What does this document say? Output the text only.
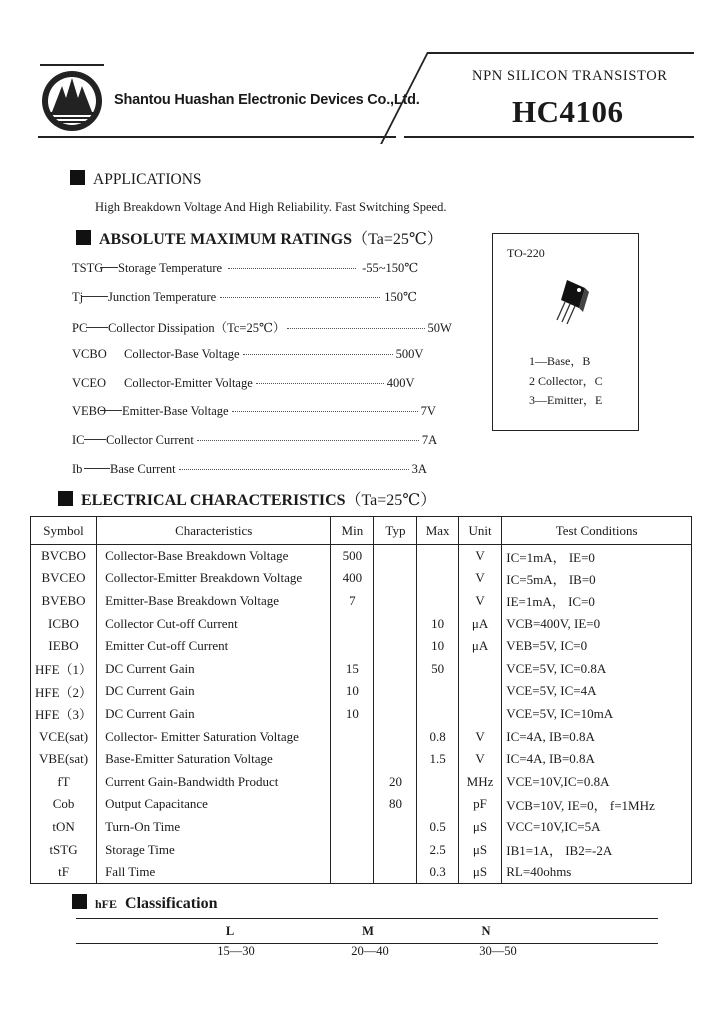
Shantou Huashan Electronic Devices Co.,Ltd.
NPN SILICON TRANSISTOR
HC4106
APPLICATIONS
High Breakdown Voltage And High Reliability. Fast Switching Speed.
ABSOLUTE MAXIMUM RATINGS（Ta=25℃）
TSTG Storage Temperature	-55~150℃
Tj Junction Temperature	150℃
PC Collector Dissipation（Tc=25℃）	50W
VCBO Collector-Base Voltage	500V
VCEO Collector-Emitter Voltage	400V
VEBO Emitter-Base Voltage	7V
IC Collector Current	7A
Ib Base Current	3A
TO-220
1—Base，B
2 Collector，C
3—Emitter，E
ELECTRICAL CHARACTERISTICS（Ta=25℃）
Symbol	Characteristics	Min	Typ	Max	Unit	Test Conditions
BVCBO	Collector-Base Breakdown Voltage	500			V	IC=1mA， IE=0
BVCEO	Collector-Emitter Breakdown Voltage	400			V	IC=5mA， IB=0
BVEBO	Emitter-Base Breakdown Voltage	7			V	IE=1mA， IC=0
ICBO	Collector Cut-off Current			10	μA	VCB=400V, IE=0
IEBO	Emitter Cut-off Current			10	μA	VEB=5V, IC=0
HFE（1）	DC Current Gain	15		50		VCE=5V, IC=0.8A
HFE（2）	DC Current Gain	10				VCE=5V, IC=4A
HFE（3）	DC Current Gain	10				VCE=5V, IC=10mA
VCE(sat)	Collector- Emitter Saturation Voltage			0.8	V	IC=4A, IB=0.8A
VBE(sat)	Base-Emitter Saturation Voltage			1.5	V	IC=4A, IB=0.8A
fT	Current Gain-Bandwidth Product		20		MHz	VCE=10V,IC=0.8A
Cob	Output Capacitance		80		pF	VCB=10V, IE=0， f=1MHz
tON	Turn-On Time			0.5	μS	VCC=10V,IC=5A
tSTG	Storage Time			2.5	μS	IB1=1A， IB2=-2A
tF	Fall Time			0.3	μS	RL=40ohms
hFE Classification
L	M	N
15—30	20—40	30—50
